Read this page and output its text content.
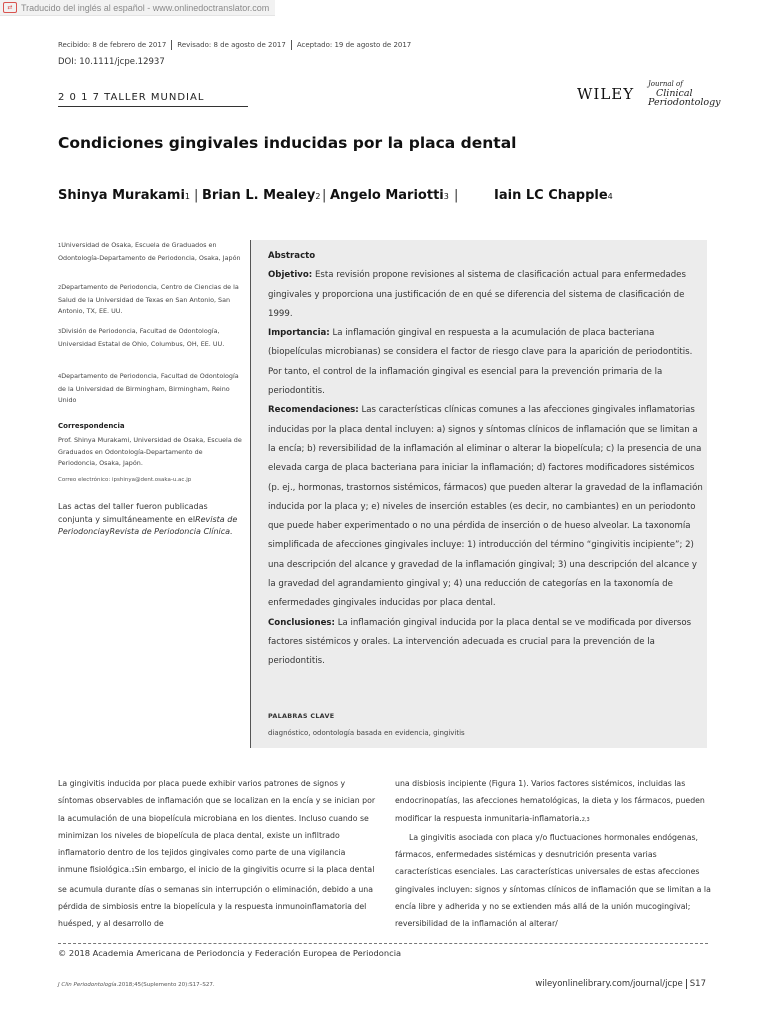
⇄ Traducido del inglés al español - www.onlinedoctranslator.com
Recibido: 8 de febrero de 2017	Revisado: 8 de agosto de 2017	Aceptado: 19 de agosto de 2017
DOI: 10.1111/jcpe.12937
2 0 1 7 TALLER MUNDIAL	WILEY
Journal of
Clinical
Periodontology
Condiciones gingivales inducidas por la placa dental
Shinya Murakami1 | Brian L. Mealey2 | Angelo Mariotti3 |	Iain LC Chapple4
1Universidad de Osaka, Escuela de Graduados en Odontología-Departamento de Periodoncia, Osaka, Japón
2Departamento de Periodoncia, Centro de Ciencias de la Salud de la Universidad de Texas en San Antonio, San Antonio, TX, EE. UU.
3División de Periodoncia, Facultad de Odontología, Universidad Estatal de Ohio, Columbus, OH, EE. UU.
4Departamento de Periodoncia, Facultad de Odontología de la Universidad de Birmingham, Birmingham, Reino Unido
Correspondencia
Prof. Shinya Murakami, Universidad de Osaka, Escuela de Graduados en Odontología-Departamento de Periodoncia, Osaka, Japón.
Correo electrónico: ipshinya@dent.osaka-u.ac.jp
Las actas del taller fueron publicadas conjunta y simultáneamente en elRevista de PeriodonciayRevista de Periodoncia Clínica.
Abstracto
Objetivo: Esta revisión propone revisiones al sistema de clasificación actual para enfermedades gingivales y proporciona una justificación de en qué se diferencia del sistema de clasificación de 1999.
Importancia: La inflamación gingival en respuesta a la acumulación de placa bacteriana (biopelículas microbianas) se considera el factor de riesgo clave para la aparición de periodontitis. Por tanto, el control de la inflamación gingival es esencial para la prevención primaria de la periodontitis.
Recomendaciones: Las características clínicas comunes a las afecciones gingivales inflamatorias inducidas por la placa dental incluyen: a) signos y síntomas clínicos de inflamación que se limitan a la encía; b) reversibilidad de la inflamación al eliminar o alterar la biopelícula; c) la presencia de una elevada carga de placa bacteriana para iniciar la inflamación; d) factores modificadores sistémicos (p. ej., hormonas, trastornos sistémicos, fármacos) que pueden alterar la gravedad de la inflamación inducida por la placa y; e) niveles de inserción estables (es decir, no cambiantes) en un periodonto que puede haber experimentado o no una pérdida de inserción o de hueso alveolar. La taxonomía simplificada de afecciones gingivales incluye: 1) introducción del término “gingivitis incipiente”; 2) una descripción del alcance y gravedad de la inflamación gingival; 3) una descripción del alcance y la gravedad del agrandamiento gingival y; 4) una reducción de categorías en la taxonomía de enfermedades gingivales inducidas por placa dental.
Conclusiones: La inflamación gingival inducida por la placa dental se ve modificada por diversos factores sistémicos y orales. La intervención adecuada es crucial para la prevención de la periodontitis.
PALABRAS CLAVE
diagnóstico, odontología basada en evidencia, gingivitis
La gingivitis inducida por placa puede exhibir varios patrones de signos y síntomas observables de inflamación que se localizan en la encía y se inician por la acumulación de una biopelícula microbiana en los dientes. Incluso cuando se minimizan los niveles de biopelícula de placa dental, existe un infiltrado inflamatorio dentro de los tejidos gingivales como parte de una vigilancia inmune fisiológica.1Sin embargo, el inicio de la gingivitis ocurre si la placa dental se acumula durante días o semanas sin interrupción o eliminación, debido a una pérdida de simbiosis entre la biopelícula y la respuesta inmunoinflamatoria del huésped, y al desarrollo de
una disbiosis incipiente (Figura 1). Varios factores sistémicos, incluidas las endocrinopatías, las afecciones hematológicas, la dieta y los fármacos, pueden modificar la respuesta inmunitaria-inflamatoria.2,3
La gingivitis asociada con placa y/o fluctuaciones hormonales endógenas, fármacos, enfermedades sistémicas y desnutrición presenta varias características esenciales. Las características universales de estas afecciones gingivales incluyen: signos y síntomas clínicos de inflamación que se limitan a la encía libre y adherida y no se extienden más allá de la unión mucogingival; reversibilidad de la inflamación al alterar/
© 2018 Academia Americana de Periodoncia y Federación Europea de Periodoncia
J Clin Periodontología.2018;45(Suplemento 20):S17–S27.	wileyonlinelibrary.com/journal/jcpe S17
